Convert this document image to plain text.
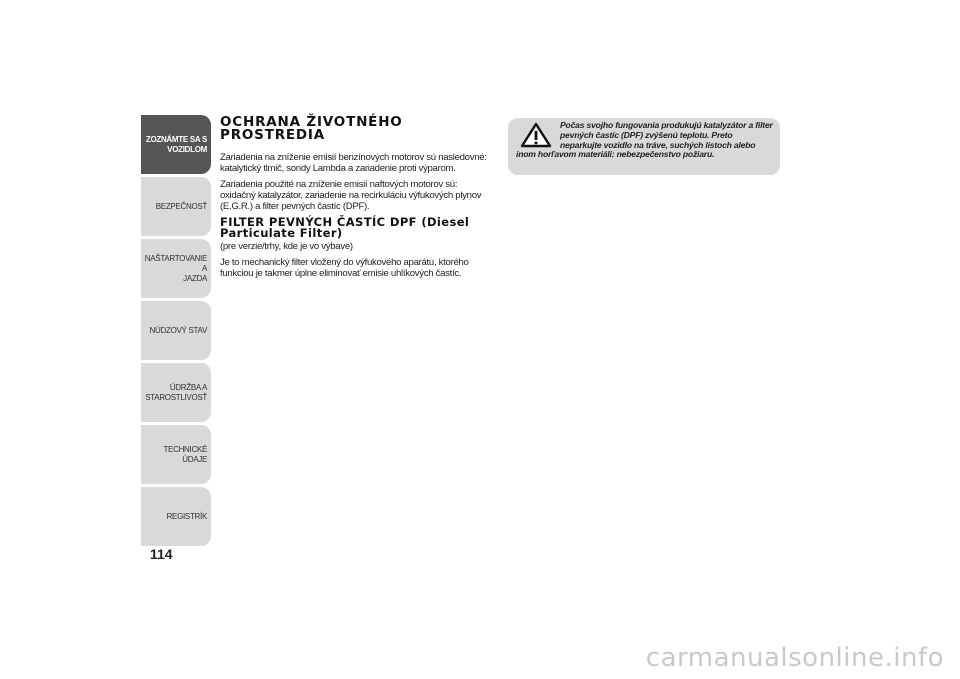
ZOZNÁMTE SA S
VOZIDLOM
BEZPEČNOSŤ
NAŠTARTOVANIE A
JAZDA
NÚDZOVÝ STAV
ÚDRŽBA A
STAROSTLIVOSŤ
TECHNICKÉ ÚDAJE
REGISTRÍK
114
OCHRANA ŽIVOTNÉHO PROSTREDIA

Zariadenia na zníženie emisií benzínových motorov sú nasledovné: katalytický tlmič, sondy Lambda a zariadenie proti výparom.

Zariadenia použité na zníženie emisií naftových motorov sú: oxidačný katalyzátor, zariadenie na recirkuláciu výfukových plynov (E.G.R.) a filter pevných častíc (DPF).

FILTER PEVNÝCH ČASTÍC DPF (Diesel Particulate Filter)

(pre verzie/trhy, kde je vo výbave)

Je to mechanický filter vložený do výfukového aparátu, ktorého funkciou je takmer úplne eliminovať emisie uhlíkových častíc.

Počas svojho fungovania produkujú katalyzátor a filter pevných častíc (DPF) zvýšenú teplotu. Preto neparkujte vozidlo na tráve, suchých listoch alebo inom horľavom materiáli: nebezpečenstvo požiaru.
carmanualsonline.info
